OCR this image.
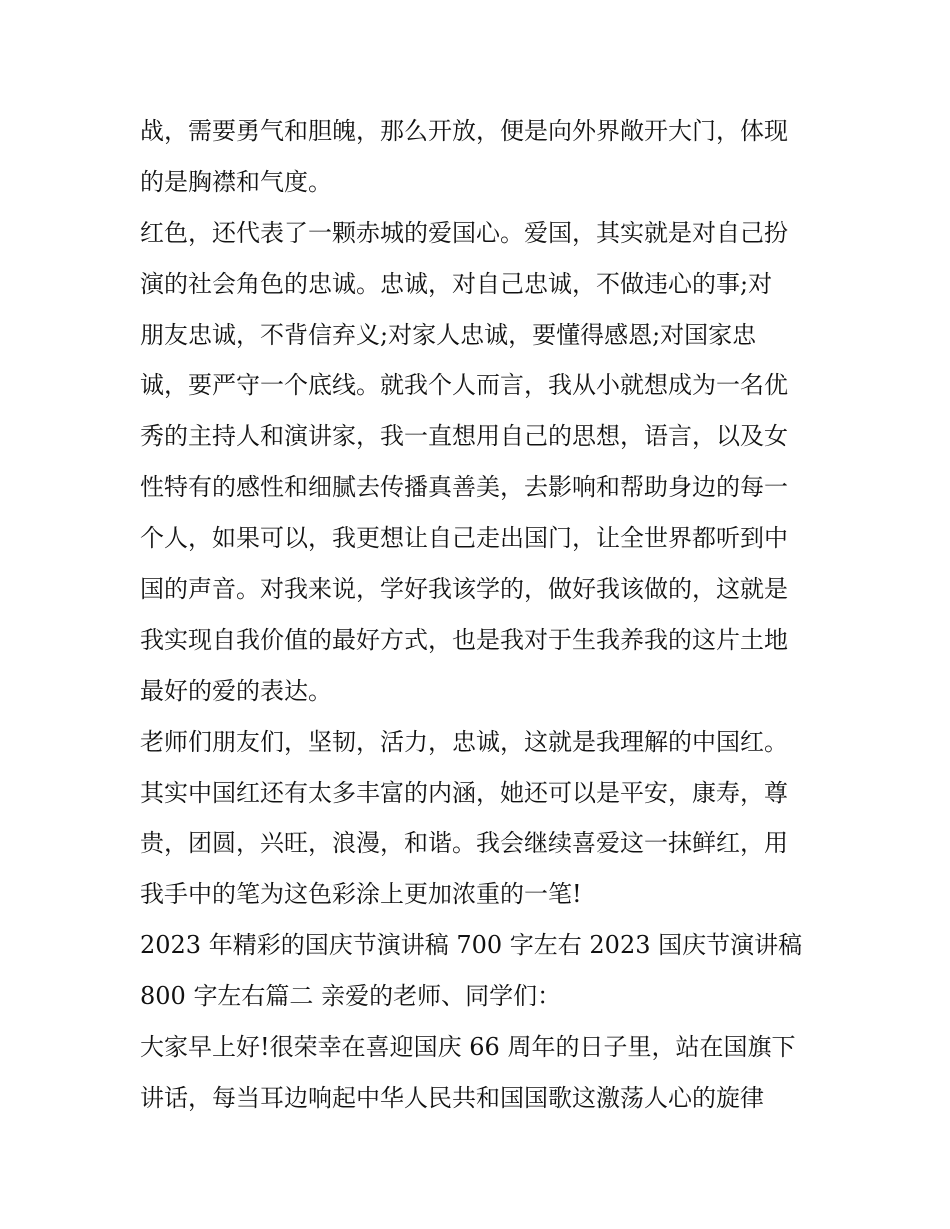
战，需要勇气和胆魄，那么开放，便是向外界敞开大门，体现
的是胸襟和气度。
红色，还代表了一颗赤城的爱国心。爱国，其实就是对自己扮
演的社会角色的忠诚。忠诚，对自己忠诚，不做违心的事;对
朋友忠诚，不背信弃义;对家人忠诚，要懂得感恩;对国家忠
诚，要严守一个底线。就我个人而言，我从小就想成为一名优
秀的主持人和演讲家，我一直想用自己的思想，语言，以及女
性特有的感性和细腻去传播真善美，去影响和帮助身边的每一
个人，如果可以，我更想让自己走出国门，让全世界都听到中
国的声音。对我来说，学好我该学的，做好我该做的，这就是
我实现自我价值的最好方式，也是我对于生我养我的这片土地
最好的爱的表达。
老师们朋友们，坚韧，活力，忠诚，这就是我理解的中国红。
其实中国红还有太多丰富的内涵，她还可以是平安，康寿，尊
贵，团圆，兴旺，浪漫，和谐。我会继续喜爱这一抹鲜红，用
我手中的笔为这色彩涂上更加浓重的一笔!
2023 年精彩的国庆节演讲稿 700 字左右 2023 国庆节演讲稿
800 字左右篇二 亲爱的老师、同学们：
大家早上好!很荣幸在喜迎国庆 66 周年的日子里，站在国旗下
讲话，每当耳边响起中华人民共和国国歌这激荡人心的旋律
